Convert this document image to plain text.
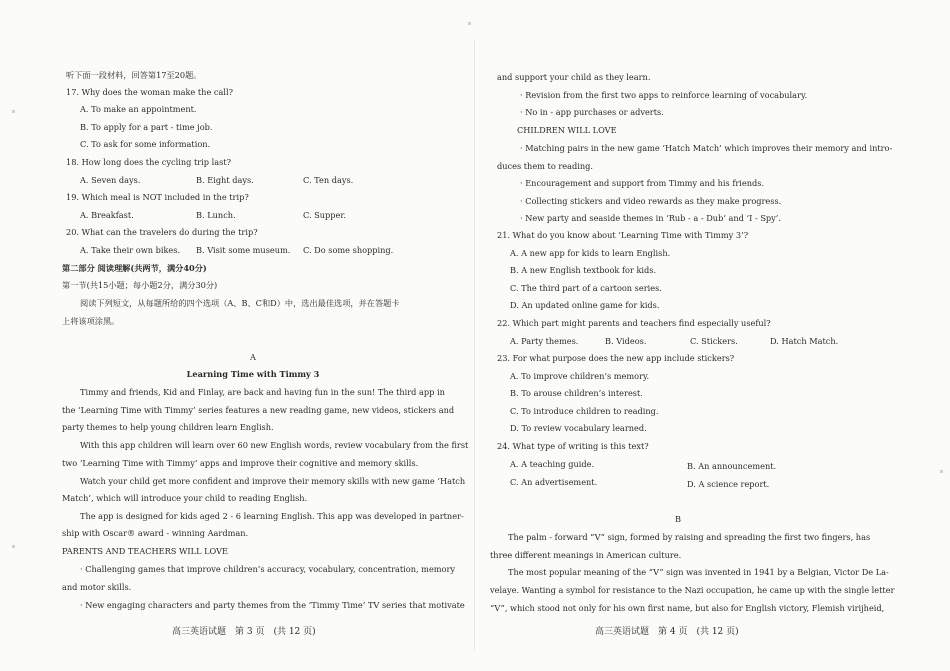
听下面一段材料，回答第17至20题。
17. Why does the woman make the call?
A. To make an appointment.
B. To apply for a part - time job.
C. To ask for some information.
18. How long does the cycling trip last?
A. Seven days.	B. Eight days.	C. Ten days.
19. Which meal is NOT included in the trip?
A. Breakfast.	B. Lunch.	C. Supper.
20. What can the travelers do during the trip?
A. Take their own bikes. B. Visit some museum. C. Do some shopping.
第二部分 阅读理解(共两节，满分40分)
第一节(共15小题；每小题2分，满分30分)
阅读下列短文，从每题所给的四个选项（A、B、C和D）中，选出最佳选项，并在答题卡
上将该项涂黑。
A
Learning Time with Timmy 3
Timmy and friends, Kid and Finlay, are back and having fun in the sun! The third app in
the ‘Learning Time with Timmy’ series features a new reading game, new videos, stickers and
party themes to help young children learn English.
With this app children will learn over 60 new English words, review vocabulary from the first
two ‘Learning Time with Timmy’ apps and improve their cognitive and memory skills.
Watch your child get more confident and improve their memory skills with new game ‘Hatch
Match’, which will introduce your child to reading English.
The app is designed for kids aged 2 - 6 learning English. This app was developed in partner-
ship with Oscar® award - winning Aardman.
PARENTS AND TEACHERS WILL LOVE
· Challenging games that improve children’s accuracy, vocabulary, concentration, memory
and motor skills.
· New engaging characters and party themes from the ‘Timmy Time’ TV series that motivate
高三英语试题　第 3 页　(共 12 页)
and support your child as they learn.
· Revision from the first two apps to reinforce learning of vocabulary.
· No in - app purchases or adverts.
CHILDREN WILL LOVE
· Matching pairs in the new game ‘Hatch Match’ which improves their memory and intro-
duces them to reading.
· Encouragement and support from Timmy and his friends.
· Collecting stickers and video rewards as they make progress.
· New party and seaside themes in ‘Rub - a - Dub’ and ‘I - Spy’.
21. What do you know about ‘Learning Time with Timmy 3’?
A. A new app for kids to learn English.
B. A new English textbook for kids.
C. The third part of a cartoon series.
D. An updated online game for kids.
22. Which part might parents and teachers find especially useful?
A. Party themes.	B. Videos.	C. Stickers.	D. Hatch Match.
23. For what purpose does the new app include stickers?
A. To improve children’s memory.
B. To arouse children’s interest.
C. To introduce children to reading.
D. To review vocabulary learned.
24. What type of writing is this text?
A. A teaching guide.	B. An announcement.
C. An advertisement.	D. A science report.
B
The palm - forward “V” sign, formed by raising and spreading the first two fingers, has
three different meanings in American culture.
The most popular meaning of the “V” sign was invented in 1941 by a Belgian, Victor De La-
velaye. Wanting a symbol for resistance to the Nazi occupation, he came up with the single letter
“V”, which stood not only for his own first name, but also for English victory, Flemish virijheid,
高三英语试题　第 4 页　(共 12 页)
